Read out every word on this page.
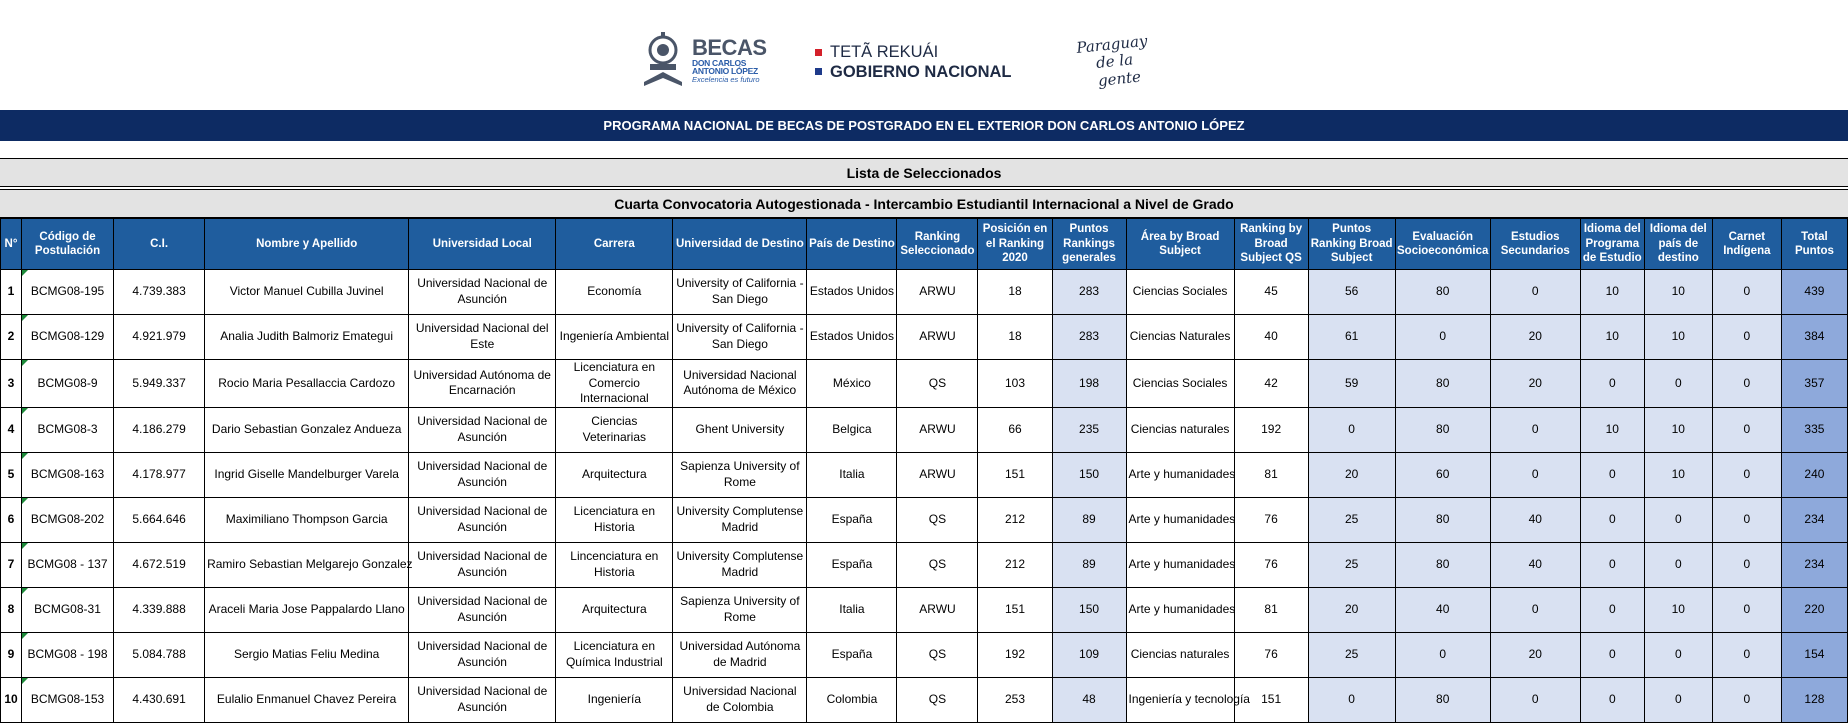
BECAS
DON CARLOS
ANTONIO LÓPEZ
Excelencia es futuro
TETÃ REKUÁI
GOBIERNO NACIONAL
Paraguay
de la gente
PROGRAMA NACIONAL DE BECAS DE POSTGRADO EN EL EXTERIOR DON CARLOS ANTONIO LÓPEZ
Lista de Seleccionados
Cuarta Convocatoria Autogestionada - Intercambio Estudiantil Internacional a Nivel de Grado
N°	Código de Postulación	C.I.	Nombre y Apellido	Universidad Local	Carrera	Universidad de Destino	País de Destino	Ranking Seleccionado	Posición en el Ranking 2020	Puntos Rankings generales	Área by Broad Subject	Ranking by Broad Subject QS	Puntos Ranking Broad Subject	Evaluación Socioeconómica	Estudios Secundarios	Idioma del Programa de Estudio	Idioma del país de destino	Carnet Indígena	Total Puntos
1	BCMG08-195	4.739.383	Victor Manuel Cubilla Juvinel	Universidad Nacional de Asunción	Economía	University of California - San Diego	Estados Unidos	ARWU	18	283	Ciencias Sociales	45	56	80	0	10	10	0	439
2	BCMG08-129	4.921.979	Analia Judith Balmoriz Emategui	Universidad Nacional del Este	Ingeniería Ambiental	University of California - San Diego	Estados Unidos	ARWU	18	283	Ciencias Naturales	40	61	0	20	10	10	0	384
3	BCMG08-9	5.949.337	Rocio Maria Pesallaccia Cardozo	Universidad Autónoma de Encarnación	Licenciatura en Comercio Internacional	Universidad Nacional Autónoma de México	México	QS	103	198	Ciencias Sociales	42	59	80	20	0	0	0	357
4	BCMG08-3	4.186.279	Dario Sebastian Gonzalez Andueza	Universidad Nacional de Asunción	Ciencias Veterinarias	Ghent University	Belgica	ARWU	66	235	Ciencias naturales	192	0	80	0	10	10	0	335
5	BCMG08-163	4.178.977	Ingrid Giselle Mandelburger Varela	Universidad Nacional de Asunción	Arquitectura	Sapienza University of Rome	Italia	ARWU	151	150	Arte y humanidades	81	20	60	0	0	10	0	240
6	BCMG08-202	5.664.646	Maximiliano Thompson Garcia	Universidad Nacional de Asunción	Licenciatura en Historia	University Complutense Madrid	España	QS	212	89	Arte y humanidades	76	25	80	40	0	0	0	234
7	BCMG08 - 137	4.672.519	Ramiro Sebastian Melgarejo Gonzalez	Universidad Nacional de Asunción	Lincenciatura en Historia	University Complutense Madrid	España	QS	212	89	Arte y humanidades	76	25	80	40	0	0	0	234
8	BCMG08-31	4.339.888	Araceli Maria Jose Pappalardo Llano	Universidad Nacional de Asunción	Arquitectura	Sapienza University of Rome	Italia	ARWU	151	150	Arte y humanidades	81	20	40	0	0	10	0	220
9	BCMG08 - 198	5.084.788	Sergio Matias Feliu Medina	Universidad Nacional de Asunción	Licenciatura en Química Industrial	Universidad Autónoma de Madrid	España	QS	192	109	Ciencias naturales	76	25	0	20	0	0	0	154
10	BCMG08-153	4.430.691	Eulalio Enmanuel Chavez Pereira	Universidad Nacional de Asunción	Ingeniería	Universidad Nacional de Colombia	Colombia	QS	253	48	Ingeniería y tecnología	151	0	80	0	0	0	0	128
